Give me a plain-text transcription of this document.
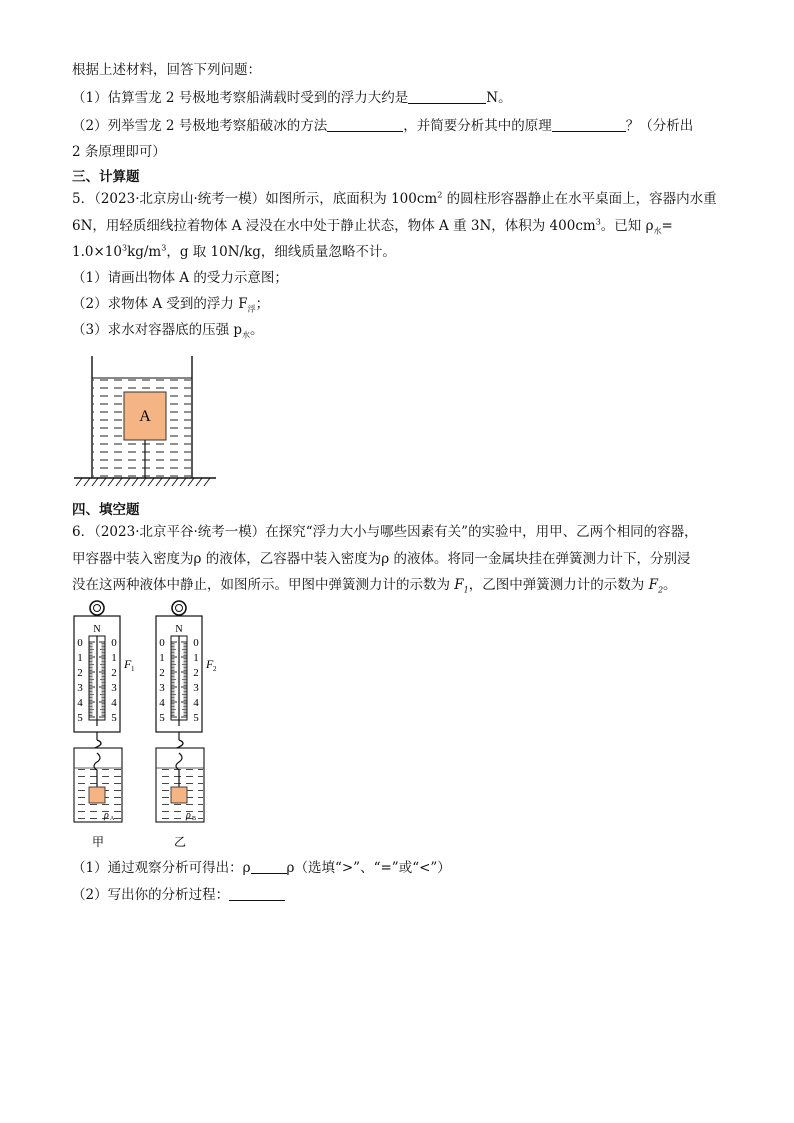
根据上述材料，回答下列问题：
（1）估算雪龙 2 号极地考察船满载时受到的浮力大约是	N。
（2）列举雪龙 2 号极地考察船破冰的方法	，并简要分析其中的原理	？（分析出
2 条原理即可）
三、计算题
5．（2023·北京房山·统考一模）如图所示，底面积为 $100cm^2$ 的圆柱形容器静止在水平桌面上，容器内水重
6N，用轻质细线拉着物体 A 浸没在水中处于静止状态，物体 A 重 3N，体积为 $400cm^3$。已知 $\rho_水=$
$1.0\times 10^3kg/m^3$，g 取 10N/kg，细线质量忽略不计。
（1）请画出物体 A 的受力示意图；
（2）求物体 A 受到的浮力 $F_浮$；
（3）求水对容器底的压强 $p_水$。
A
四、填空题
6．（2023·北京平谷·统考一模）在探究“浮力大小与哪些因素有关”的实验中，用甲、乙两个相同的容器，
甲容器中装入密度为ρ 的液体，乙容器中装入密度为ρ 的液体。将同一金属块挂在弹簧测力计下，分别浸
没在这两种液体中静止，如图所示。甲图中弹簧测力计的示数为 $F_1$，乙图中弹簧测力计的示数为 $F_2$。
N
0
1
2
3
4
5
0
1
2
3
4
5
F 1
ρ A
甲
N
0
1
2
3
4
5
0
1
2
3
4
5
F 2
ρ B
乙
（1）通过观察分析可得出：ρ	ρ（选填“>”、“=”或“<”）
（2）写出你的分析过程：
